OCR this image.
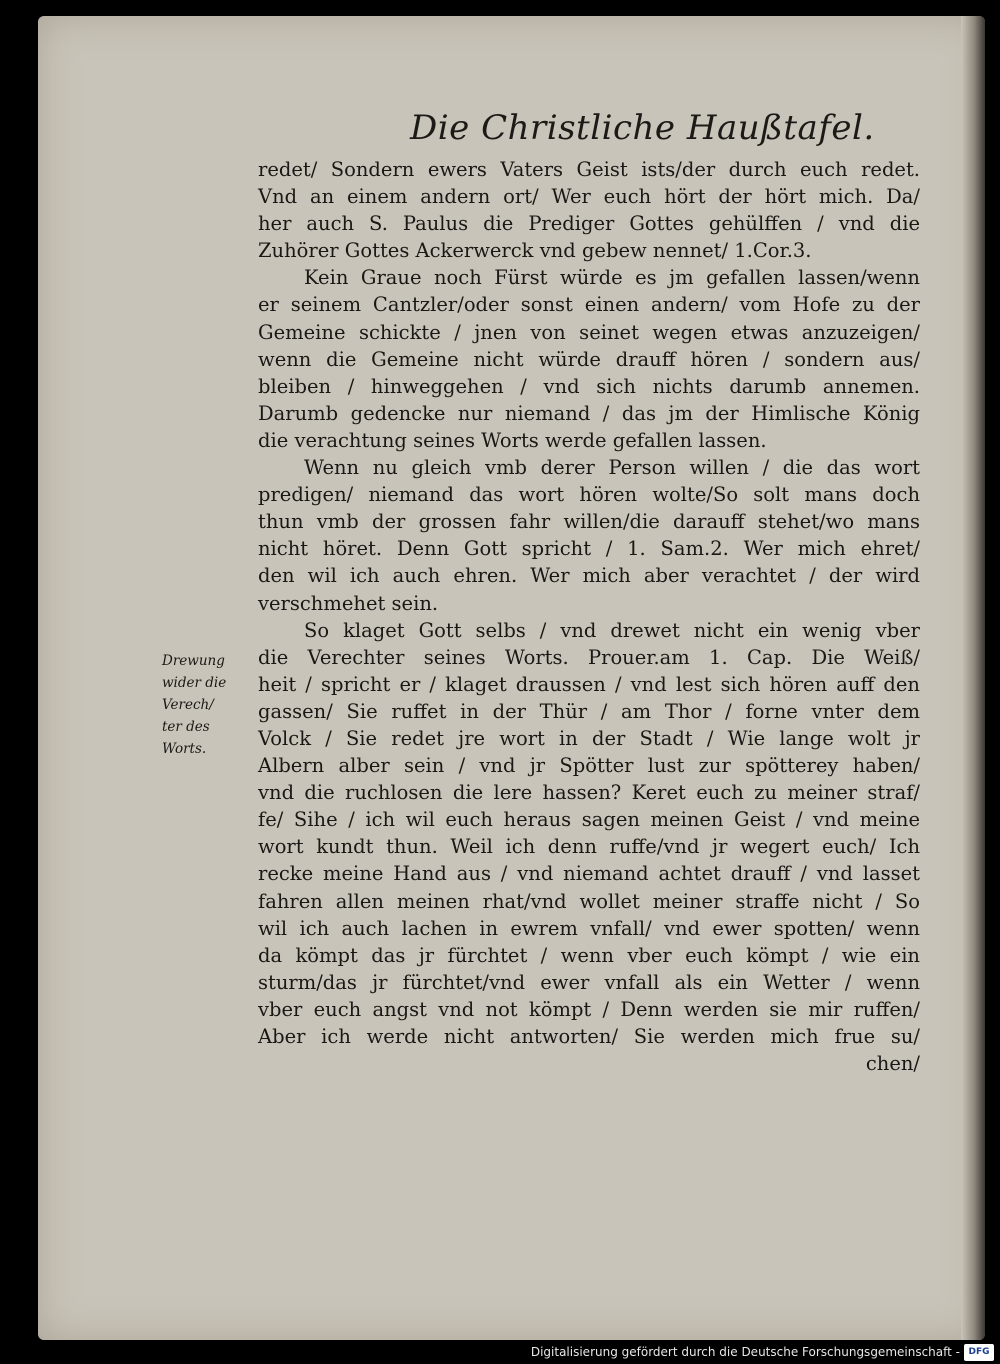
Die Christliche Haußtafel.
redet/ Sondern ewers Vaters Geist ists/der durch euch redet.
Vnd an einem andern ort/ Wer euch hört der hört mich. Da/
her auch S. Paulus die Prediger Gottes gehülffen / vnd die
Zuhörer Gottes Ackerwerck vnd gebew nennet/ 1.Cor.3.
Kein Graue noch Fürst würde es jm gefallen lassen/wenn
er seinem Cantzler/oder sonst einen andern/ vom Hofe zu der
Gemeine schickte / jnen von seinet wegen etwas anzuzeigen/
wenn die Gemeine nicht würde drauff hören / sondern aus/
bleiben / hinweggehen / vnd sich nichts darumb annemen.
Darumb gedencke nur niemand / das jm der Himlische König
die verachtung seines Worts werde gefallen lassen.
Wenn nu gleich vmb derer Person willen / die das wort
predigen/ niemand das wort hören wolte/So solt mans doch
thun vmb der grossen fahr willen/die darauff stehet/wo mans
nicht höret. Denn Gott spricht / 1. Sam.2. Wer mich ehret/
den wil ich auch ehren. Wer mich aber verachtet / der wird
verschmehet sein.
So klaget Gott selbs / vnd drewet nicht ein wenig vber
die Verechter seines Worts. Prouer.am 1. Cap. Die Weiß/
heit / spricht er / klaget draussen / vnd lest sich hören auff den
gassen/ Sie ruffet in der Thür / am Thor / forne vnter dem
Volck / Sie redet jre wort in der Stadt / Wie lange wolt jr
Albern alber sein / vnd jr Spötter lust zur spötterey haben/
vnd die ruchlosen die lere hassen? Keret euch zu meiner straf/
fe/ Sihe / ich wil euch heraus sagen meinen Geist / vnd meine
wort kundt thun. Weil ich denn ruffe/vnd jr wegert euch/ Ich
recke meine Hand aus / vnd niemand achtet drauff / vnd lasset
fahren allen meinen rhat/vnd wollet meiner straffe nicht / So
wil ich auch lachen in ewrem vnfall/ vnd ewer spotten/ wenn
da kömpt das jr fürchtet / wenn vber euch kömpt / wie ein
sturm/das jr fürchtet/vnd ewer vnfall als ein Wetter / wenn
vber euch angst vnd not kömpt / Denn werden sie mir ruffen/
Aber ich werde nicht antworten/ Sie werden mich frue su/
chen/
Drewung
wider die
Verech/
ter des
Worts.
Digitalisierung gefördert durch die Deutsche Forschungsgemeinschaft - DFG
